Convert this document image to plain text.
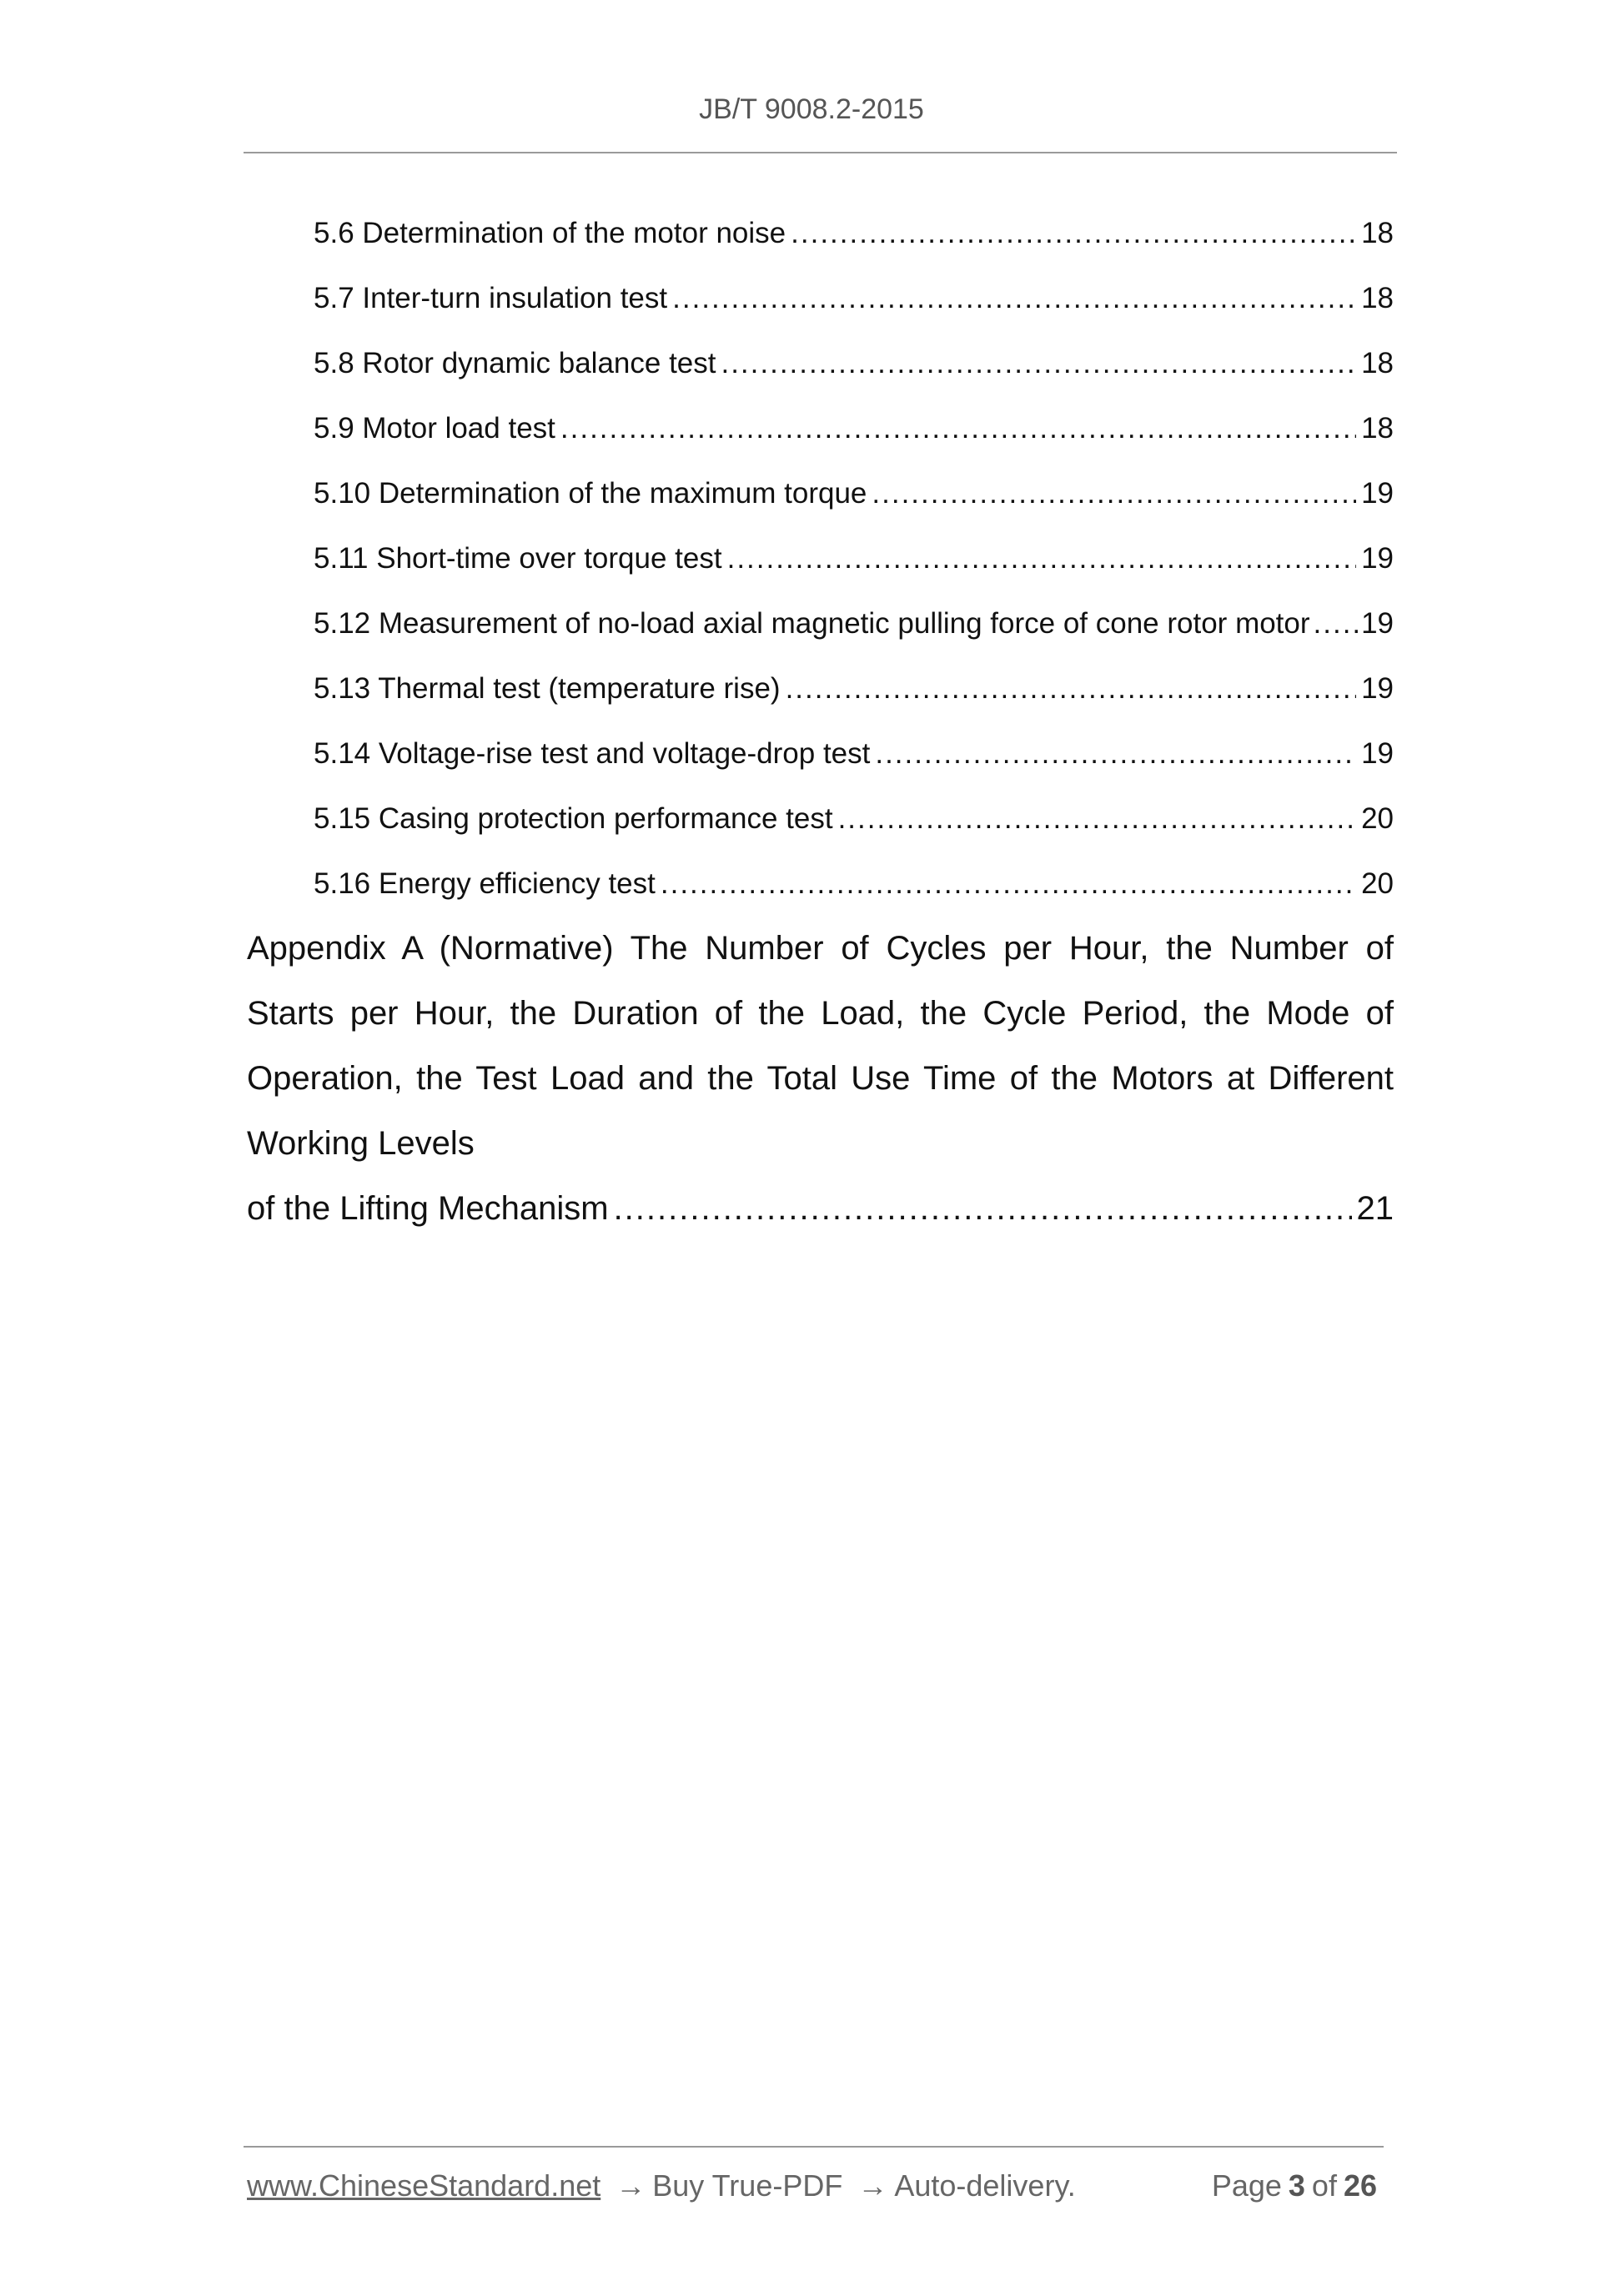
JB/T 9008.2-2015
5.6 Determination of the motor noise .....	18
5.7 Inter-turn insulation test .....	18
5.8 Rotor dynamic balance test .....	18
5.9 Motor load test .....	18
5.10 Determination of the maximum torque .....	19
5.11 Short-time over torque test .....	19
5.12 Measurement of no-load axial magnetic pulling force of cone rotor motor ..... 19
5.13 Thermal test (temperature rise) .....	19
5.14 Voltage-rise test and voltage-drop test .....	19
5.15 Casing protection performance test .....	20
5.16 Energy efficiency test .....	20
Appendix A (Normative) The Number of Cycles per Hour, the Number of Starts per Hour, the Duration of the Load, the Cycle Period, the Mode of Operation, the Test Load and the Total Use Time of the Motors at Different Working Levels
of the Lifting Mechanism .....	21
www.ChineseStandard.net → Buy True-PDF → Auto-delivery.	Page 3 of 26
